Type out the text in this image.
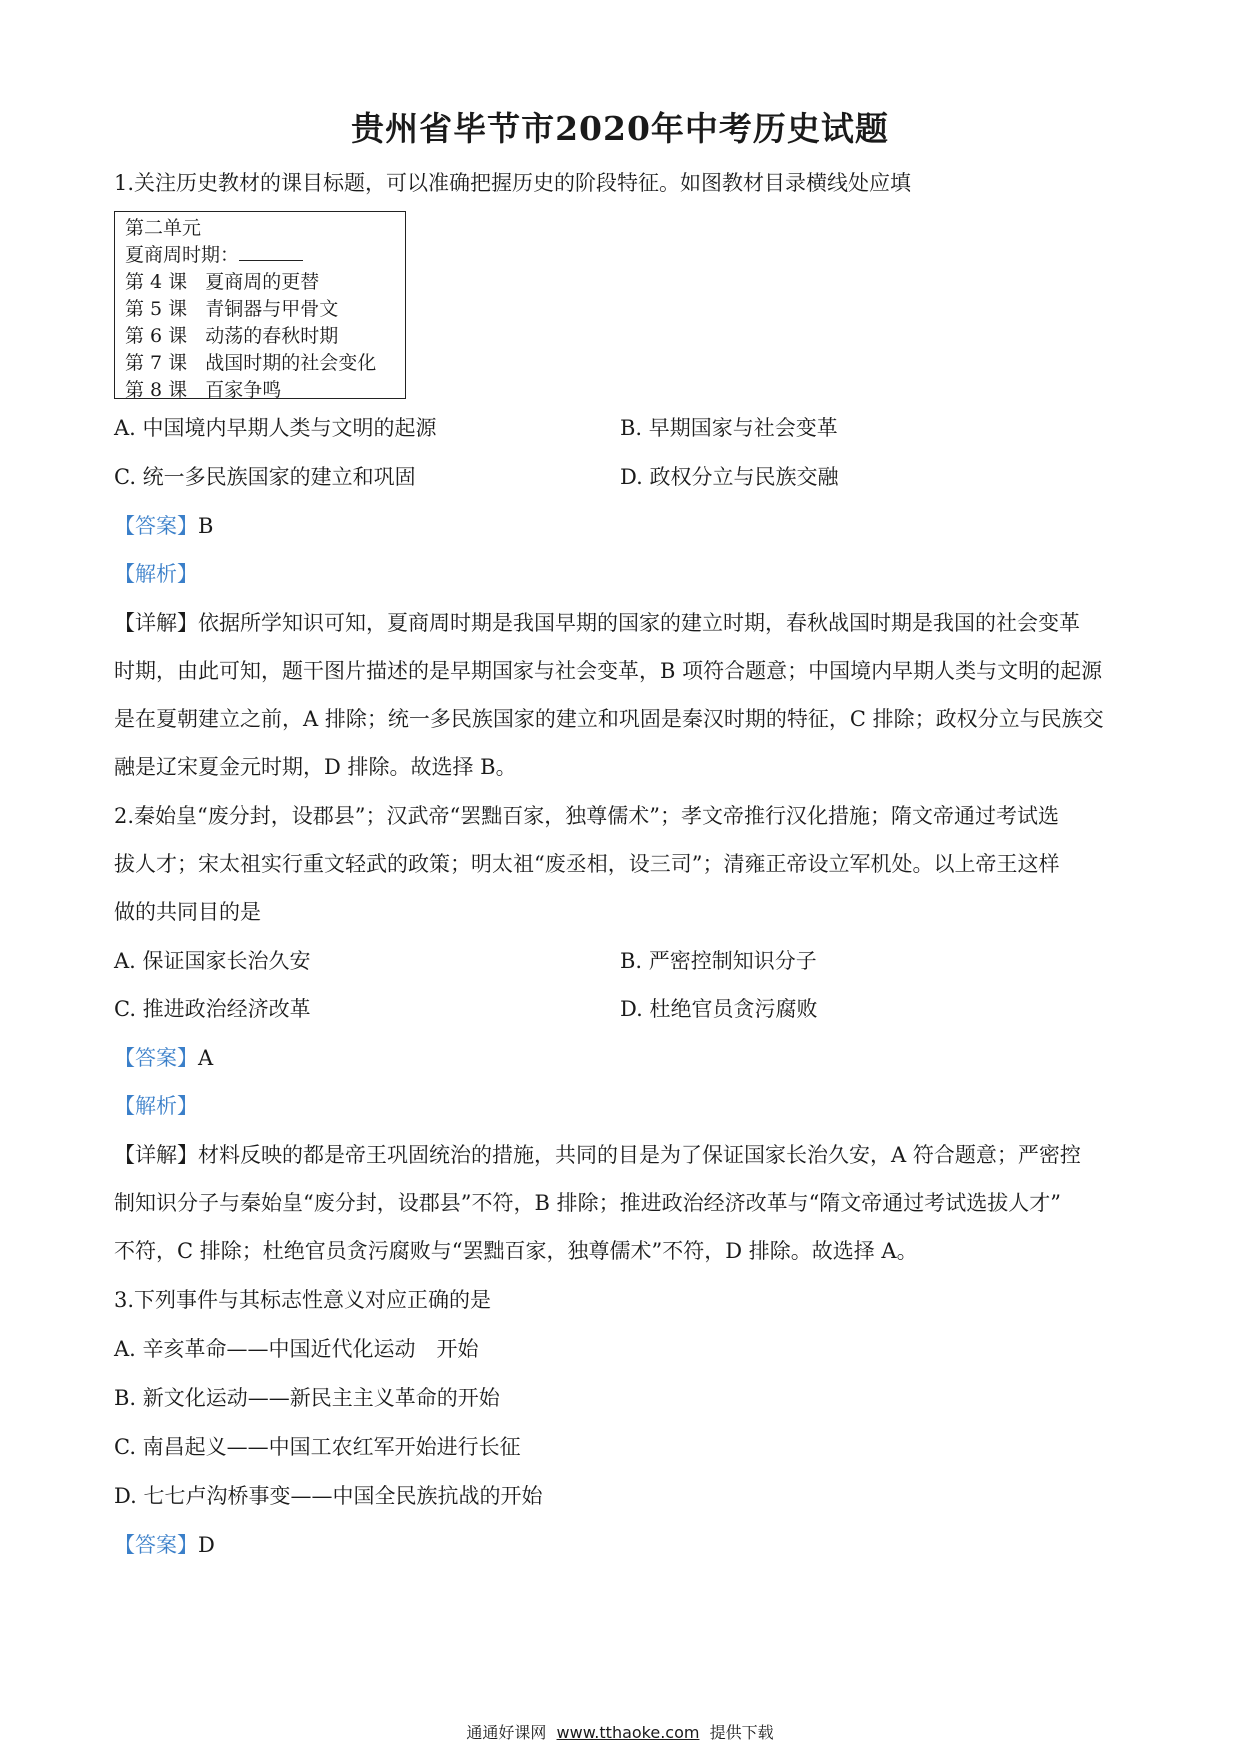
贵州省毕节市2020年中考历史试题
1.关注历史教材的课目标题，可以准确把握历史的阶段特征。如图教材目录横线处应填
第二单元
夏商周时期：
第 4 课 夏商周的更替
第 5 课 青铜器与甲骨文
第 6 课 动荡的春秋时期
第 7 课 战国时期的社会变化
第 8 课 百家争鸣
A. 中国境内早期人类与文明的起源	B. 早期国家与社会变革
C. 统一多民族国家的建立和巩固	D. 政权分立与民族交融
【答案】B
【解析】
【详解】依据所学知识可知，夏商周时期是我国早期的国家的建立时期，春秋战国时期是我国的社会变革
时期，由此可知，题干图片描述的是早期国家与社会变革，B 项符合题意；中国境内早期人类与文明的起源
是在夏朝建立之前，A 排除；统一多民族国家的建立和巩固是秦汉时期的特征，C 排除；政权分立与民族交
融是辽宋夏金元时期，D 排除。故选择 B。
2.秦始皇“废分封，设郡县”；汉武帝“罢黜百家，独尊儒术”；孝文帝推行汉化措施；隋文帝通过考试选
拔人才；宋太祖实行重文轻武的政策；明太祖“废丞相，设三司”；清雍正帝设立军机处。以上帝王这样
做的共同目的是
A. 保证国家长治久安	B. 严密控制知识分子
C. 推进政治经济改革	D. 杜绝官员贪污腐败
【答案】A
【解析】
【详解】材料反映的都是帝王巩固统治的措施，共同的目是为了保证国家长治久安，A 符合题意；严密控
制知识分子与秦始皇“废分封，设郡县”不符，B 排除；推进政治经济改革与“隋文帝通过考试选拔人才”
不符，C 排除；杜绝官员贪污腐败与“罢黜百家，独尊儒术”不符，D 排除。故选择 A。
3.下列事件与其标志性意义对应正确的是
A. 辛亥革命——中国近代化运动　开始
B. 新文化运动——新民主主义革命的开始
C. 南昌起义——中国工农红军开始进行长征
D. 七七卢沟桥事变——中国全民族抗战的开始
【答案】D
通通好课网 www.tthaoke.com 提供下载
